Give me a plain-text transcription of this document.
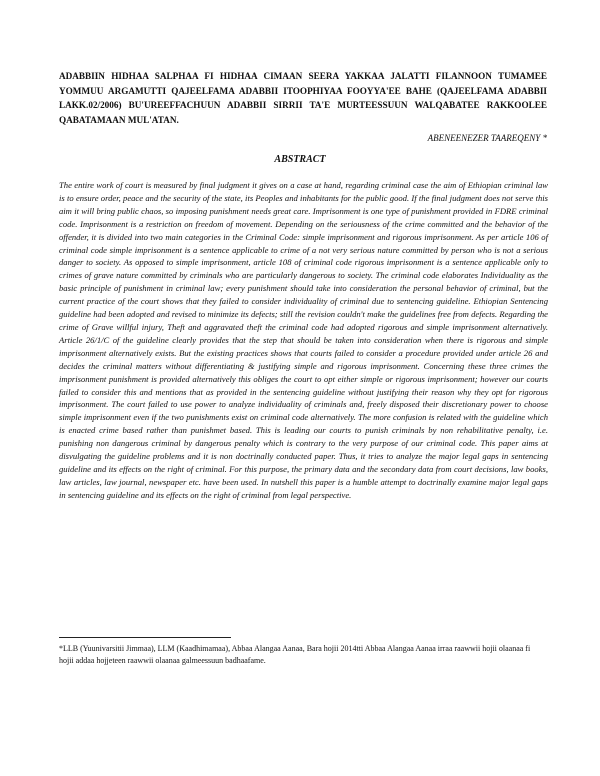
ADABBIIN HIDHAA SALPHAA FI HIDHAA CIMAAN SEERA YAKKAA JALATTI FILANNOON TUMAMEE YOMMUU ARGAMUTTI QAJEELFAMA ADABBII ITOOPHIYAA FOOYYA'EE BAHE (QAJEELFAMA ADABBII LAKK.02/2006) BU'UREEFFACHUUN ADABBII SIRRII TA'E MURTEESSUUN WALQABATEE RAKKOOLEE QABATAMAAN MUL'ATAN.

ABENEENEZER TAAREQENY *

ABSTRACT

The entire work of court is measured by final judgment it gives on a case at hand, regarding criminal case the aim of Ethiopian criminal law is to ensure order, peace and the security of the state, its Peoples and inhabitants for the public good. If the final judgment does not serve this aim it will bring public chaos, so imposing punishment needs great care. Imprisonment is one type of punishment provided in FDRE criminal code. Imprisonment is a restriction on freedom of movement. Depending on the seriousness of the crime committed and the behavior of the offender, it is divided into two main categories in the Criminal Code: simple imprisonment and rigorous imprisonment. As per article 106 of criminal code simple imprisonment is a sentence applicable to crime of a not very serious nature committed by person who is not a serious danger to society. As opposed to simple imprisonment, article 108 of criminal code rigorous imprisonment is a sentence applicable only to crimes of grave nature committed by criminals who are particularly dangerous to society. The criminal code elaborates Individuality as the basic principle of punishment in criminal law; every punishment should take into consideration the personal behavior of criminal, but the current practice of the court shows that they failed to consider individuality of criminal due to sentencing guideline. Ethiopian Sentencing guideline had been adopted and revised to minimize its defects; still the revision couldn't make the guidelines free from defects. Regarding the crime of Grave willful injury, Theft and aggravated theft the criminal code had adopted rigorous and simple imprisonment alternatively. Article 26/1/C of the guideline clearly provides that the step that should be taken into consideration when there is rigorous and simple imprisonment alternatively exists. But the existing practices shows that courts failed to consider a procedure provided under article 26 and decides the criminal matters without differentiating & justifying simple and rigorous imprisonment. Concerning these three crimes the imprisonment punishment is provided alternatively this obliges the court to opt either simple or rigorous imprisonment; however our courts failed to consider this and mentions that as provided in the sentencing guideline without justifying their reason why they opt for rigorous imprisonment. The court failed to use power to analyze individuality of criminals and, freely disposed their discretionary power to choose simple imprisonment even if the two punishments exist on criminal code alternatively. The more confusion is related with the guideline which is enacted crime based rather than punishmet based. This is leading our courts to punish criminals by non rehabilitative penalty, i.e. punishing non dangerous criminal by dangerous penalty which is contrary to the very purpose of our criminal code. This paper aims at disvulgating the guideline problems and it is non doctrinally conducted paper. Thus, it tries to analyze the major legal gaps in sentencing guideline and its effects on the right of criminal. For this purpose, the primary data and the secondary data from court decisions, law books, law articles, law journal, newspaper etc. have been used. In nutshell this paper is a humble attempt to doctrinally examine major legal gaps in sentencing guideline and its effects on the right of criminal from legal perspective.

*LLB (Yuunivarsitii Jimmaa), LLM (Kaadhimamaa), Abbaa Alangaa Aanaa, Bara hojii 2014tti Abbaa Alangaa Aanaa irraa raawwii hojii olaanaa fi hojii addaa hojjeteen raawwii olaanaa galmeessuun badhaafame.
